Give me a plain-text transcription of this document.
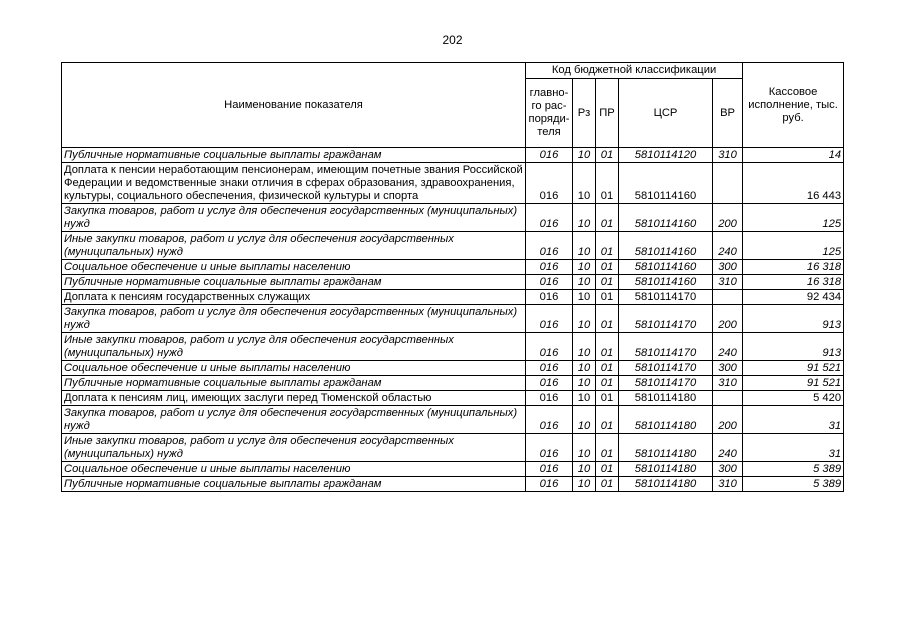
202
Наименование показателя	Код бюджетной классификации					Кассовое исполнение, тыс. руб.
	главно-го рас-поряди-теля	Рз	ПР	ЦСР	ВР	
Публичные нормативные социальные выплаты гражданам	016	10	01	5810114120	310	14
Доплата к пенсии неработающим пенсионерам, имеющим почетные звания Российской Федерации и ведомственные знаки отличия в сферах образования, здравоохранения, культуры, социального обеспечения, физической культуры и спорта	016	10	01	5810114160		16 443
Закупка товаров, работ и услуг для обеспечения государственных (муниципальных) нужд	016	10	01	5810114160	200	125
Иные закупки товаров, работ и услуг для обеспечения государственных (муниципальных) нужд	016	10	01	5810114160	240	125
Социальное обеспечение и иные выплаты населению	016	10	01	5810114160	300	16 318
Публичные нормативные социальные выплаты гражданам	016	10	01	5810114160	310	16 318
Доплата к пенсиям государственных служащих	016	10	01	5810114170		92 434
Закупка товаров, работ и услуг для обеспечения государственных (муниципальных) нужд	016	10	01	5810114170	200	913
Иные закупки товаров, работ и услуг для обеспечения государственных (муниципальных) нужд	016	10	01	5810114170	240	913
Социальное обеспечение и иные выплаты населению	016	10	01	5810114170	300	91 521
Публичные нормативные социальные выплаты гражданам	016	10	01	5810114170	310	91 521
Доплата к пенсиям лиц, имеющих заслуги перед Тюменской областью	016	10	01	5810114180		5 420
Закупка товаров, работ и услуг для обеспечения государственных (муниципальных) нужд	016	10	01	5810114180	200	31
Иные закупки товаров, работ и услуг для обеспечения государственных (муниципальных) нужд	016	10	01	5810114180	240	31
Социальное обеспечение и иные выплаты населению	016	10	01	5810114180	300	5 389
Публичные нормативные социальные выплаты гражданам	016	10	01	5810114180	310	5 389
